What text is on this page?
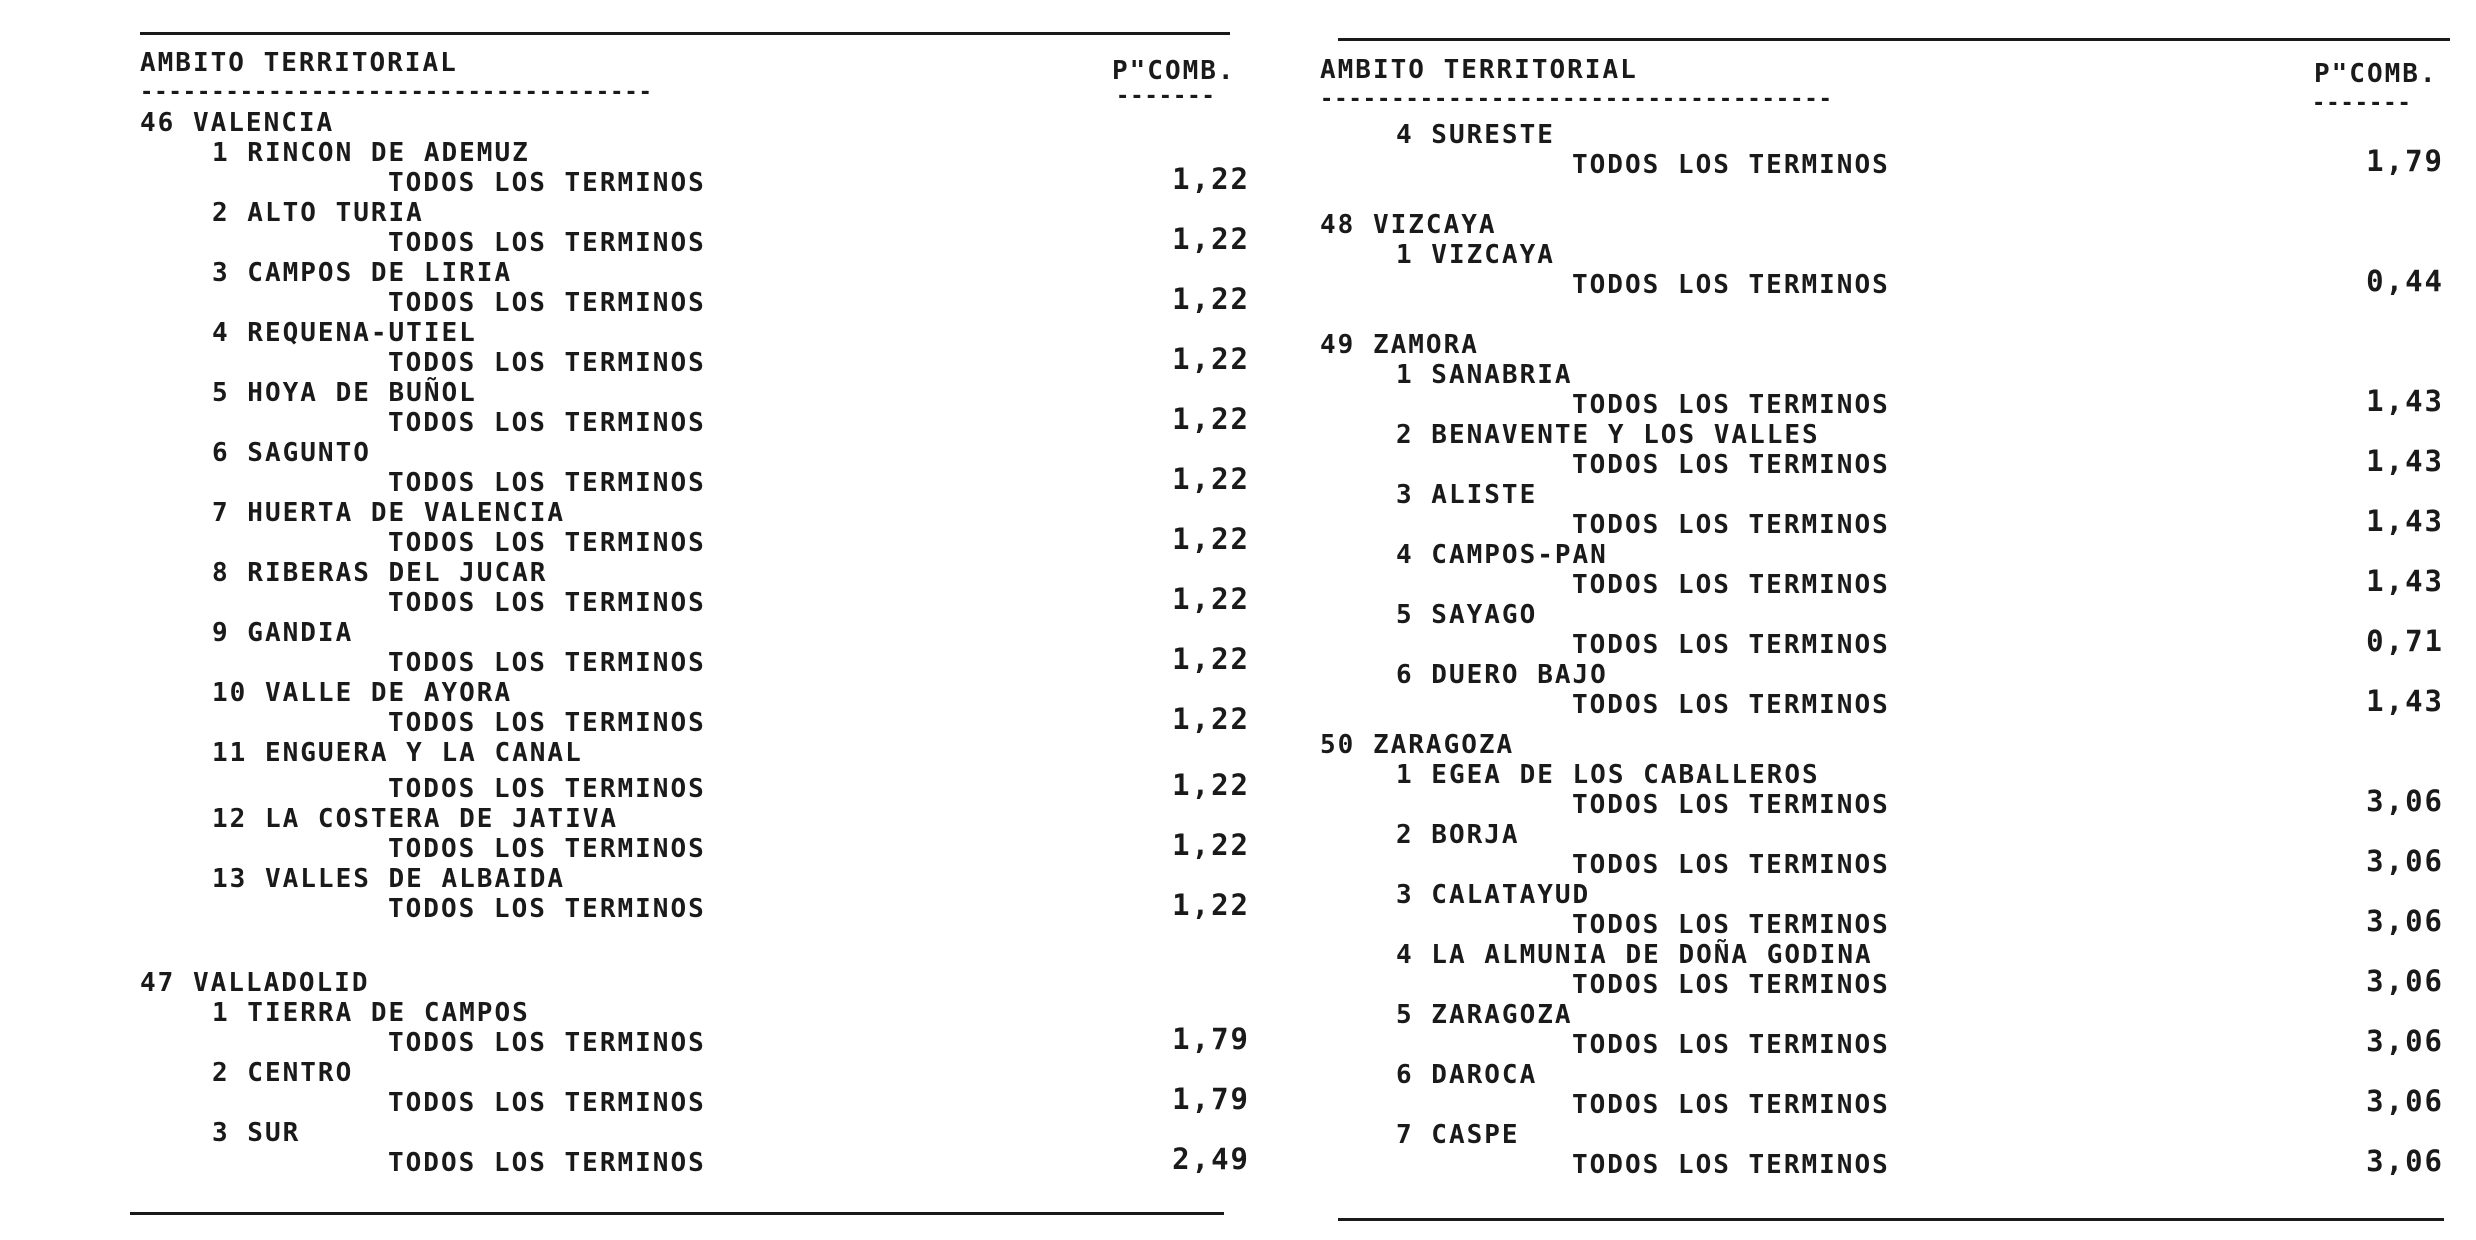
AMBITO TERRITORIAL	P"COMB.
------------------------------------	-------
46 VALENCIA
1 RINCON DE ADEMUZ
TODOS LOS TERMINOS	1,22
2 ALTO TURIA
TODOS LOS TERMINOS	1,22
3 CAMPOS DE LIRIA
TODOS LOS TERMINOS	1,22
4 REQUENA-UTIEL
TODOS LOS TERMINOS	1,22
5 HOYA DE BUÑOL
TODOS LOS TERMINOS	1,22
6 SAGUNTO
TODOS LOS TERMINOS	1,22
7 HUERTA DE VALENCIA
TODOS LOS TERMINOS	1,22
8 RIBERAS DEL JUCAR
TODOS LOS TERMINOS	1,22
9 GANDIA
TODOS LOS TERMINOS	1,22
10 VALLE DE AYORA
TODOS LOS TERMINOS	1,22
11 ENGUERA Y LA CANAL
TODOS LOS TERMINOS	1,22
12 LA COSTERA DE JATIVA
TODOS LOS TERMINOS	1,22
13 VALLES DE ALBAIDA
TODOS LOS TERMINOS	1,22
47 VALLADOLID
1 TIERRA DE CAMPOS
TODOS LOS TERMINOS	1,79
2 CENTRO
TODOS LOS TERMINOS	1,79
3 SUR
TODOS LOS TERMINOS	2,49
AMBITO TERRITORIAL	P"COMB.
------------------------------------	-------
4 SURESTE
TODOS LOS TERMINOS	1,79
48 VIZCAYA
1 VIZCAYA
TODOS LOS TERMINOS	0,44
49 ZAMORA
1 SANABRIA
TODOS LOS TERMINOS	1,43
2 BENAVENTE Y LOS VALLES
TODOS LOS TERMINOS	1,43
3 ALISTE
TODOS LOS TERMINOS	1,43
4 CAMPOS-PAN
TODOS LOS TERMINOS	1,43
5 SAYAGO
TODOS LOS TERMINOS	0,71
6 DUERO BAJO
TODOS LOS TERMINOS	1,43
50 ZARAGOZA
1 EGEA DE LOS CABALLEROS
TODOS LOS TERMINOS	3,06
2 BORJA
TODOS LOS TERMINOS	3,06
3 CALATAYUD
TODOS LOS TERMINOS	3,06
4 LA ALMUNIA DE DOÑA GODINA
TODOS LOS TERMINOS	3,06
5 ZARAGOZA
TODOS LOS TERMINOS	3,06
6 DAROCA
TODOS LOS TERMINOS	3,06
7 CASPE
TODOS LOS TERMINOS	3,06
